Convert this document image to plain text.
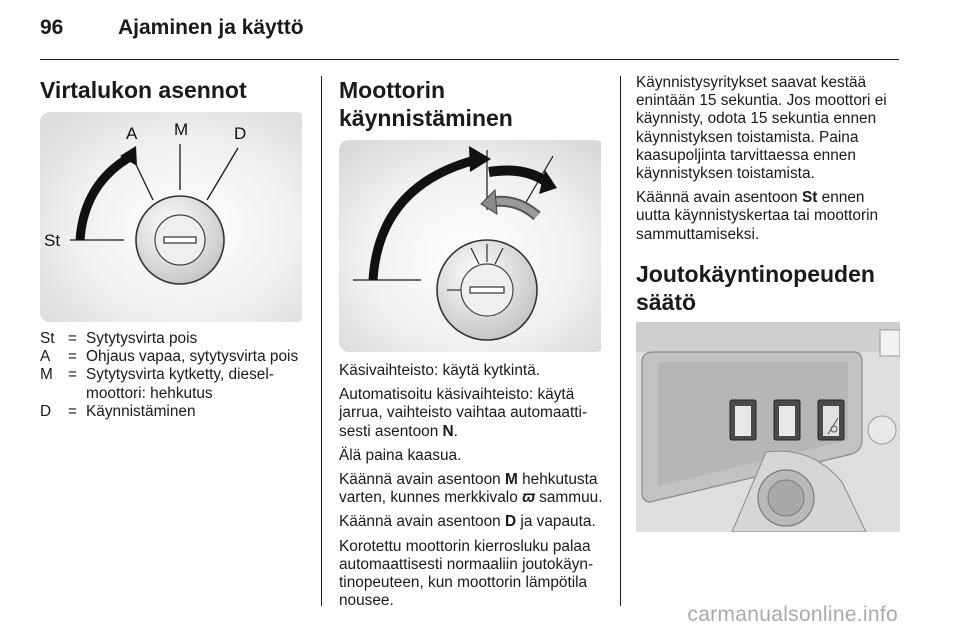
96	Ajaminen ja käyttö
Virtalukon asennot
A M	D
St
St = Sytytysvirta pois
A	= Ohjaus vapaa, sytytysvirta pois
M = Sytytysvirta kytketty, dieselmoottori: hehkutus
D	= Käynnistäminen
Moottorin käynnistäminen

Käsivaihteisto: käytä kytkintä.

Automatisoitu käsivaihteisto: käytä jarrua, vaihteisto vaihtaa automaattisesti asentoon N.

Älä paina kaasua.

Käännä avain asentoon M hehkutusta varten, kunnes merkkivalo ϖ sammuu.

Käännä avain asentoon D ja vapauta.

Korotettu moottorin kierrosluku palaa automaattisesti normaaliin joutokäyntinopeuteen, kun moottorin lämpötila nousee.

Käynnistysyritykset saavat kestää enintään 15 sekuntia. Jos moottori ei käynnisty, odota 15 sekuntia ennen käynnistyksen toistamista. Paina kaasupoljinta tarvittaessa ennen käynnistyksen toistamista.

Käännä avain asentoon St ennen uutta käynnistyskertaa tai moottorin sammuttamiseksi.

Joutokäyntinopeuden säätö
carmanualsonline.info
